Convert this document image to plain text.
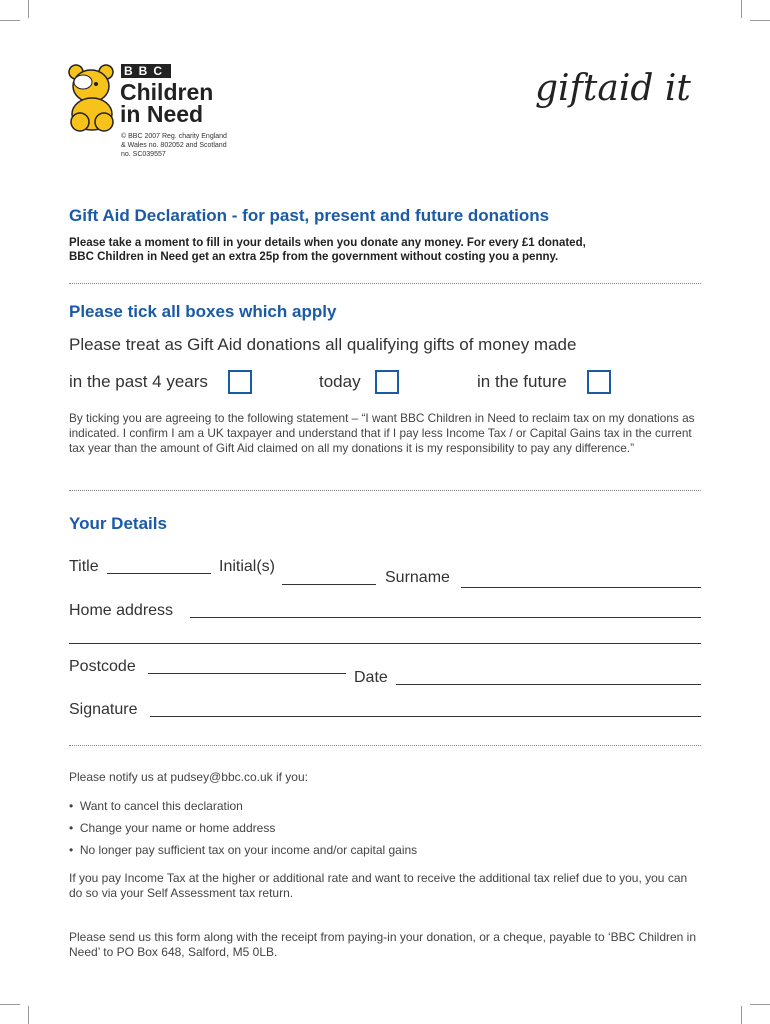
BBC
Children
in Need
© BBC 2007 Reg. charity England & Wales no. 802052 and Scotland no. SC039557
giftaid it
Gift Aid Declaration - for past, present and future donations
Please take a moment to fill in your details when you donate any money. For every £1 donated,
BBC Children in Need get an extra 25p from the government without costing you a penny.
Please tick all boxes which apply
Please treat as Gift Aid donations all qualifying gifts of money made
in the past 4 years	today	in the future
By ticking you are agreeing to the following statement – “I want BBC Children in Need to reclaim tax on my donations as indicated. I confirm I am a UK taxpayer and understand that if I pay less Income Tax / or Capital Gains tax in the current tax year than the amount of Gift Aid claimed on all my donations it is my responsibility to pay any difference.”
Your Details
Title	Initial(s)
Surname
Home address
Postcode
Date
Signature
Please notify us at pudsey@bbc.co.uk if you:
•  Want to cancel this declaration
•  Change your name or home address
•  No longer pay sufficient tax on your income and/or capital gains
If you pay Income Tax at the higher or additional rate and want to receive the additional tax relief due to you, you can do so via your Self Assessment tax return.
Please send us this form along with the receipt from paying-in your donation, or a cheque, payable to ‘BBC Children in Need’ to PO Box 648, Salford, M5 0LB.
